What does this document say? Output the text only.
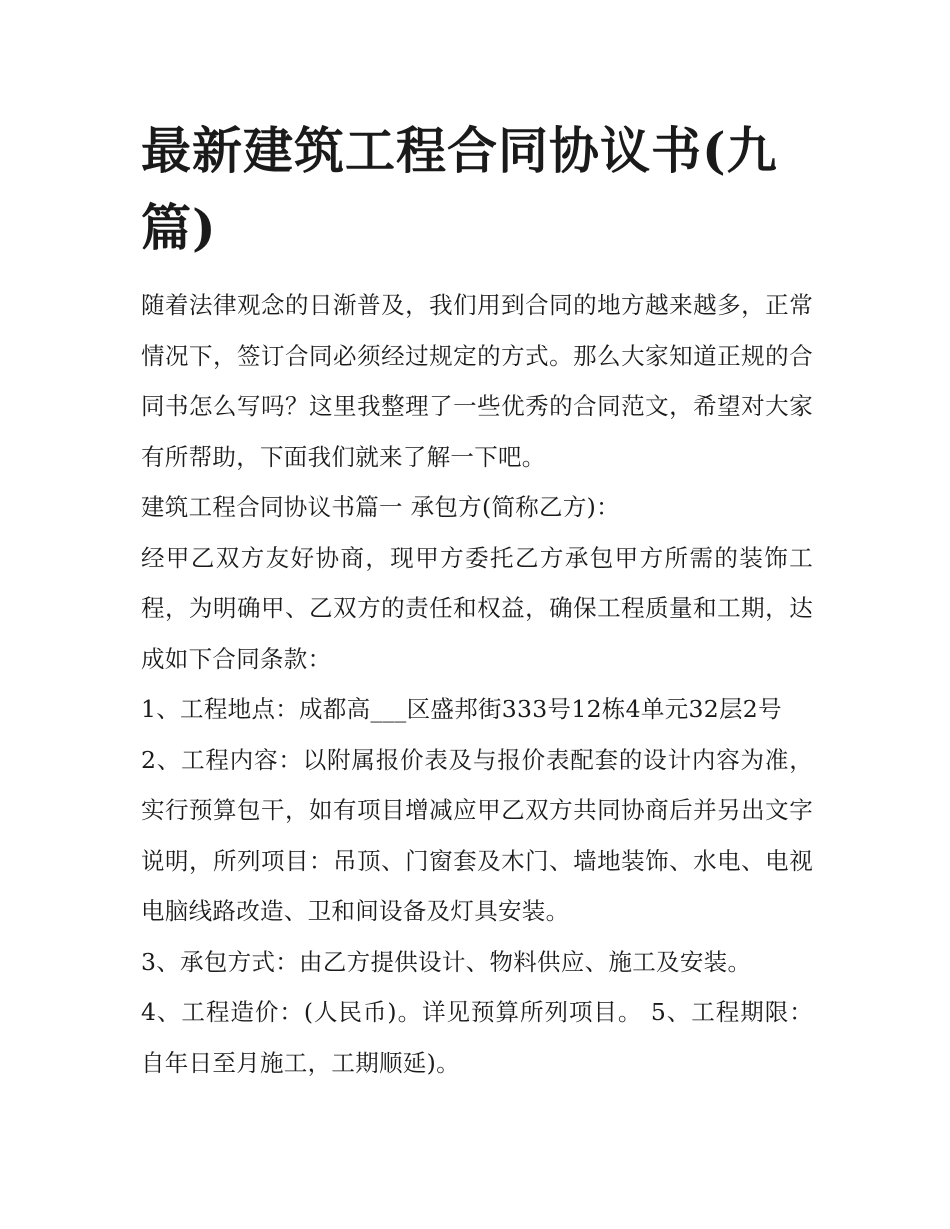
最新建筑工程合同协议书(九篇)

随着法律观念的日渐普及，我们用到合同的地方越来越多，正常情况下，签订合同必须经过规定的方式。那么大家知道正规的合同书怎么写吗？这里我整理了一些优秀的合同范文，希望对大家有所帮助，下面我们就来了解一下吧。

建筑工程合同协议书篇一 承包方(简称乙方)：

经甲乙双方友好协商，现甲方委托乙方承包甲方所需的装饰工程，为明确甲、乙双方的责任和权益，确保工程质量和工期，达成如下合同条款：

1、工程地点：成都高___区盛邦街333号12栋4单元32层2号

2、工程内容：以附属报价表及与报价表配套的设计内容为准，实行预算包干，如有项目增减应甲乙双方共同协商后并另出文字说明，所列项目：吊顶、门窗套及木门、墙地装饰、水电、电视电脑线路改造、卫和间设备及灯具安装。

3、承包方式：由乙方提供设计、物料供应、施工及安装。

4、工程造价：(人民币)。详见预算所列项目。 5、工程期限：自年日至月施工，工期顺延)。
